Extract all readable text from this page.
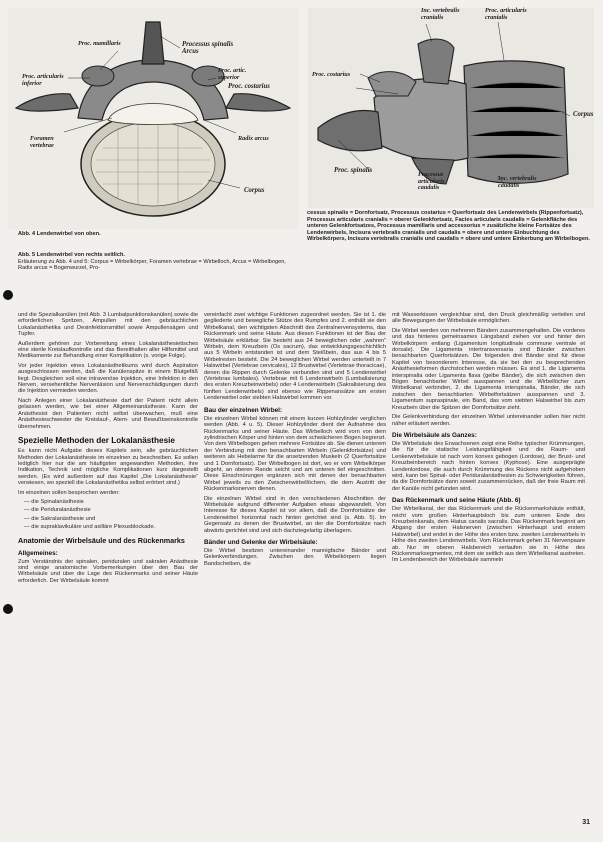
Proc. mamillaris	Processus spinalis
Arcus
Proc. articularis
inferior
Proc. artic.
superior
Proc. costarius
Foramen
vertebrae
Radix arcus
Corpus
Inc. vertebralis
cranialis
Proc. articularis
cranialis
Proc. costarius
Corpus
Proc. spinalis
Processus
articularis
caudalis
Inc. vertebralis
caudalis
Abb. 4 Lendenwirbel von oben.
Abb. 5 Lendenwirbel von rechts seitlich.
Erläuterung zu Abb. 4 und 5: Corpus = Wirbelkörper, Foramen vertebrae = Wirbelloch, Arcus = Wirbelbogen, Radix arcus = Bogenwurzel, Pro-
cessus spinalis = Dornfortsatz, Processus costarius = Querfortsatz des Lendenwirbels (Rippenfortsatz), Processus articularis cranialis = oberer Gelenkfortsatz, Facies articularis caudalis = Gelenkfläche des unteren Gelenkfortsatzes, Processus mamillaris und accessorius = zusätzliche kleine Fortsätze des Lendenwirbels, Incisura vertebralis cranialis und caudalis = obere und untere Einbuchtung des Wirbelkörpers, Incisura vertebralis cranialis und caudalis = obere und untere Einkerbung am Wirbelbogen.

und die Spezialkanülen (mit Abb. 3 Lumbalpunktionskanülen) sowie die erforderlichen Spritzen, Ampullen mit den gebräuchlichen Lokalanästhetika und Desinfektionsmittel sowie Ampullensägen und Tupfer.

Außerdem gehören zur Vorbereitung eines Lokalanästhesietisches eine sterile Kreislaufkontrolle und das Bereithalten aller Hilfsmittel und Medikamente zur Behandlung einer Komplikation (s. vorige Folge).

Vor jeder Injektion eines Lokalanästhetikums wird durch Aspiration ausgeschlossen werden, daß die Kanülenspitze in einem Blutgefäß liegt. Desgleichen soll eine intravenöse Injektion, eine Infektion in den Nerven, versehentliche Nervenläsion und Nervenschädigungen durch die Injektion vermieden werden.

Nach Anlegen einer Lokalanästhesie darf der Patient nicht allein gelassen werden, wie bei einer Allgemeinanästhesie. Kann der Anästhesist den Patienten nicht selbst überwachen, muß eine Anästhesieschwester die Kreislauf-, Atem- und Bewußtseinskontrolle übernehmen.

Spezielle Methoden der Lokalanästhesie

Es kann nicht Aufgabe dieses Kapitels sein, alle gebräuchlichen Methoden der Lokalanästhesie im einzelnen zu beschreiben. Es sollen lediglich hier nur die am häufigsten angewandten Methoden, ihre Indikation, Technik und mögliche Komplikationen kurz dargestellt werden. (Es wird außerdem auf das Kapitel „Die Lokalanästhesie“ verwiesen, wo speziell die Lokalanästhetika selbst erörtert sind.)

Im einzelnen sollen besprochen werden:

— die Spinalanästhesie
— die Periduralanästhesie
— die Sakralanästhesie und
— die supraklavikuläre und axilläre Plexusblockade.
Anatomie der Wirbelsäule und des Rückenmarks
Allgemeines:

Zum Verständnis der spinalen, periduralen und sakralen Anästhesie sind einige anatomische Vorbemerkungen über den Bau der Wirbelsäule und über die Lage des Rückenmarks und seiner Häute erforderlich. Der Wirbelsäule kommt

vereinfacht zwei wichtige Funktionen zugeordnet werden. Sie ist 1. die gegliederte und bewegliche Stütze des Rumpfes und 2. enthält sie den Wirbelkanal, den wichtigsten Abschnitt des Zentralnervensystems, das Rückenmark und seine Häute. Aus diesen Funktionen ist der Bau der Wirbelsäule erklärbar. Sie besteht aus 24 beweglichen oder „wahren“ Wirbeln, dem Kreuzbein (Os sacrum), das entwicklungsgeschichtlich aus 5 Wirbeln entstanden ist und dem Steißbein, das aus 4 bis 5 Wirbelresten besteht. Die 24 beweglichen Wirbel werden unterteilt in 7 Halswirbel (Vertebrae cervicales), 12 Brustwirbel (Vertebrae thoracicae), denen die Rippen durch Gelenke verbunden sind und 5 Lendenwirbel (Vertebrae lumbales). Vertebrae mit 6 Lendenwirbeln (Lumbalisierung des ersten Kreuzbeinwirbels) oder 4 Lendenwirbeln (Sakralisierung des fünften Lendenwirbels) sind ebenso wie Rippenansätze am ersten Lendenwirbel oder siebten Halswirbel kommen vor.

Bau der einzelnen Wirbel:

Die einzelnen Wirbel können mit einem kurzen Hohlzylinder verglichen werden (Abb. 4 u. 5). Dieser Hohlzylinder dient der Aufnahme des Rückenmarks und seiner Häute. Das Wirbelloch wird vorn von dem zylindrischen Körper und hinten von dem schwächeren Bogen begrenzt. Von dem Wirbelbogen gehen mehrere Fortsätze ab. Sie dienen unterem der Verbindung mit den benachbarten Wirbeln (Gelenkfortsätze) und weiteren als Hebelarme für die ansetzenden Muskeln (2 Querfortsätze und 1 Dornfortsatz). Der Wirbelbogen ist dort, wo er vom Wirbelkörper abgeht, an oberen Rande seicht und am unteren tief eingeschnitten. Diese Einschnürungen ergänzen sich mit denen der benachbarten Wirbel jeweils zu den Zwischenwirbellöchern, die dem Austritt der Rückenmarksnerven dienen.

Die einzelnen Wirbel sind in den verschiedenen Abschnitten der Wirbelsäule aufgrund differenter Aufgaben etwas abgewandelt. Von Interesse für dieses Kapitel ist vor allem, daß die Dornfortsätze der Lendenwirbel horizontal nach hinten gerichtet sind (s. Abb. 5). Im Gegensatz zu denen der Brustwirbel, an der die Dornfortsätze nach abwärts gerichtet sind und sich dachziegelartig überlagern.

Bänder und Gelenke der Wirbelsäule:

Die Wirbel besitzen untereinander mannigfache Bänder und Gelenkverbindungen. Zwischen den Wirbelkörpern liegen Bandscheiben, die

mit Wasserkissen vergleichbar sind, den Druck gleichmäßig verteilen und alle Bewegungen der Wirbelsäule ermöglichen.

Die Wirbel werden von mehreren Bändern zusammengehalten. Die vorderes und das hinteres gemeinsames Längsband ziehen vor und hinter den Wirbelkörpern entlang (Ligamentum longitudinale commune ventrale et dorsale). Die Ligamenta intertransversaria sind Bänder zwischen benachbarten Querfortsätzen. Die folgenden drei Bänder sind für diese Kapitel von besonderem Interesse, da sie bei den zu besprechenden Anästhesieformen durchstochen werden müssen. Es sind 1. die Ligamenta interspinalia oder Ligamenta flava (gelbe Bänder), die sich zwischen den Bögen benachbarter Wirbel ausspannen und die Wirbellöcher zum Wirbelkanal verbinden, 2. die Ligamenta interspinalia, Bänder, die sich zwischen den benachbarten Wirbelfortsätzen ausspannen und 3. Ligamentum supraspinale, ein Band, das vom siebten Halswirbel bis zum Kreuzbein über die Spitzen der Dornfortsätze zieht.

Die Gelenkverbindung der einzelnen Wirbel untereinander sollen hier nicht näher erläutert werden.

Die Wirbelsäule als Ganzes:

Die Wirbelsäule des Erwachsenen zeigt eine Reihe typischer Krümmungen, die für die statische Leistungsfähigkeit und die Raum- und Lenkerwirbelsäule ist nach vorn konvex gebogen (Lordose), der Brust- und Kreuzbeinbereich nach hinten konvex (Kyphose). Eine ausgeprägte Lendenlordose, die auch durch Krümmung des Rückens nicht aufgehoben wird, kann bei Spinal- oder Periduralanästhesien zu Schwierigkeiten führen, da die Dornfortsätze dann soweit zusammenrücken, daß der freie Raum mit der Kanüle nicht gefunden wird.

Das Rückenmark und seine Häute (Abb. 6)

Der Wirbelkanal, der das Rückenmark und die Rückenmarkshäute enthält, reicht vom großen Hinterhauptsloch bis zum unteren Ende des Kreuzbeinkanals, dem Hiatus canalis sacralis. Das Rückenmark beginnt am Abgang der ersten Halsnerven (zwischen Hinterhaupt und erstem Halswirbel) und endet in der Höhe des ersten bzw. zweiten Lendenwirbels in Höhe des zweiten Lendenwirbels. Vom Rückenmark gehen 31 Nervenpaare ab. Nur im oberen Halsbereich verlaufen sie in Höhe des Rückenmarksegmentes, mit dem sie seitlich aus dem Wirbelkanal austreten. Im Lendenbereich der Wirbelsäule sammeln

31
